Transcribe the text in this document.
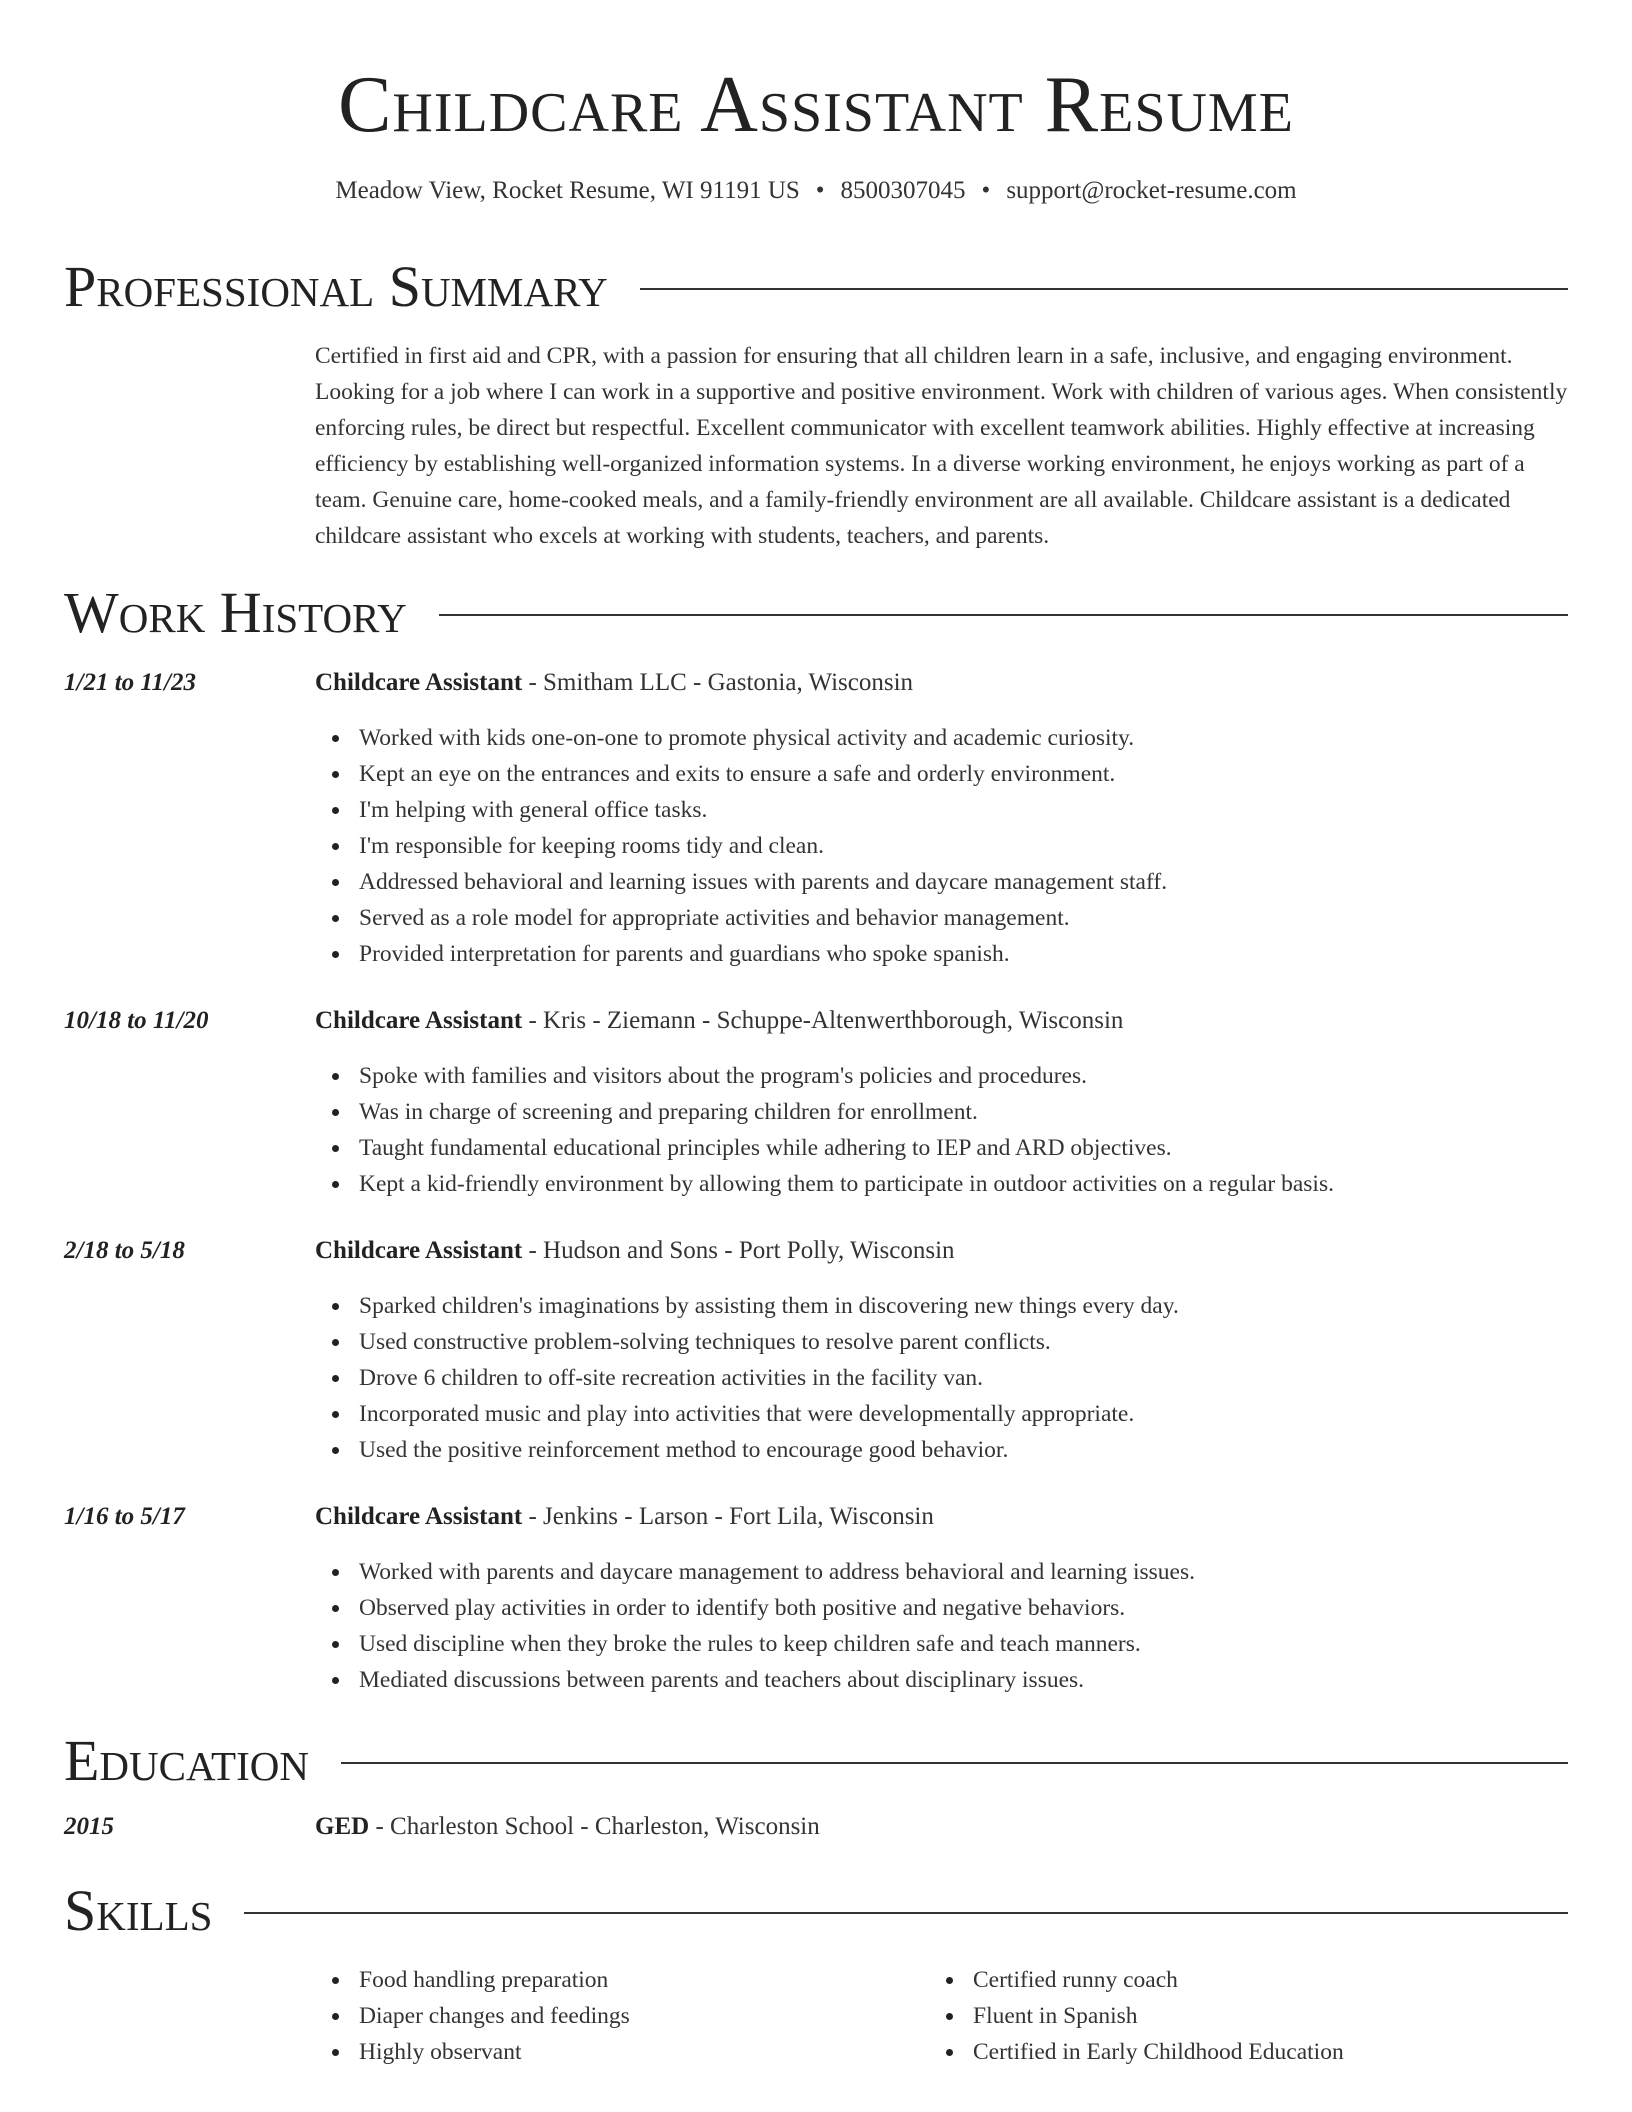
Childcare Assistant Resume
Meadow View, Rocket Resume, WI 91191 US • 8500307045 • support@rocket-resume.com
Professional Summary

Certified in first aid and CPR, with a passion for ensuring that all children learn in a safe, inclusive, and engaging environment. Looking for a job where I can work in a supportive and positive environment. Work with children of various ages. When consistently enforcing rules, be direct but respectful. Excellent communicator with excellent teamwork abilities. Highly effective at increasing efficiency by establishing well-organized information systems. In a diverse working environment, he enjoys working as part of a team. Genuine care, home-cooked meals, and a family-friendly environment are all available. Childcare assistant is a dedicated childcare assistant who excels at working with students, teachers, and parents.

Work History
1/21 to 11/23	Childcare Assistant - Smitham LLC - Gastonia, Wisconsin
Worked with kids one-on-one to promote physical activity and academic curiosity.
Kept an eye on the entrances and exits to ensure a safe and orderly environment.
I'm helping with general office tasks.
I'm responsible for keeping rooms tidy and clean.
Addressed behavioral and learning issues with parents and daycare management staff.
Served as a role model for appropriate activities and behavior management.
Provided interpretation for parents and guardians who spoke spanish.
10/18 to 11/20	Childcare Assistant - Kris - Ziemann - Schuppe-Altenwerthborough, Wisconsin
Spoke with families and visitors about the program's policies and procedures.
Was in charge of screening and preparing children for enrollment.
Taught fundamental educational principles while adhering to IEP and ARD objectives.
Kept a kid-friendly environment by allowing them to participate in outdoor activities on a regular basis.
2/18 to 5/18	Childcare Assistant - Hudson and Sons - Port Polly, Wisconsin
Sparked children's imaginations by assisting them in discovering new things every day.
Used constructive problem-solving techniques to resolve parent conflicts.
Drove 6 children to off-site recreation activities in the facility van.
Incorporated music and play into activities that were developmentally appropriate.
Used the positive reinforcement method to encourage good behavior.
1/16 to 5/17	Childcare Assistant - Jenkins - Larson - Fort Lila, Wisconsin
Worked with parents and daycare management to address behavioral and learning issues.
Observed play activities in order to identify both positive and negative behaviors.
Used discipline when they broke the rules to keep children safe and teach manners.
Mediated discussions between parents and teachers about disciplinary issues.
Education
2015	GED - Charleston School - Charleston, Wisconsin
Skills
Food handling preparation
Diaper changes and feedings
Highly observant
Certified runny coach
Fluent in Spanish
Certified in Early Childhood Education
